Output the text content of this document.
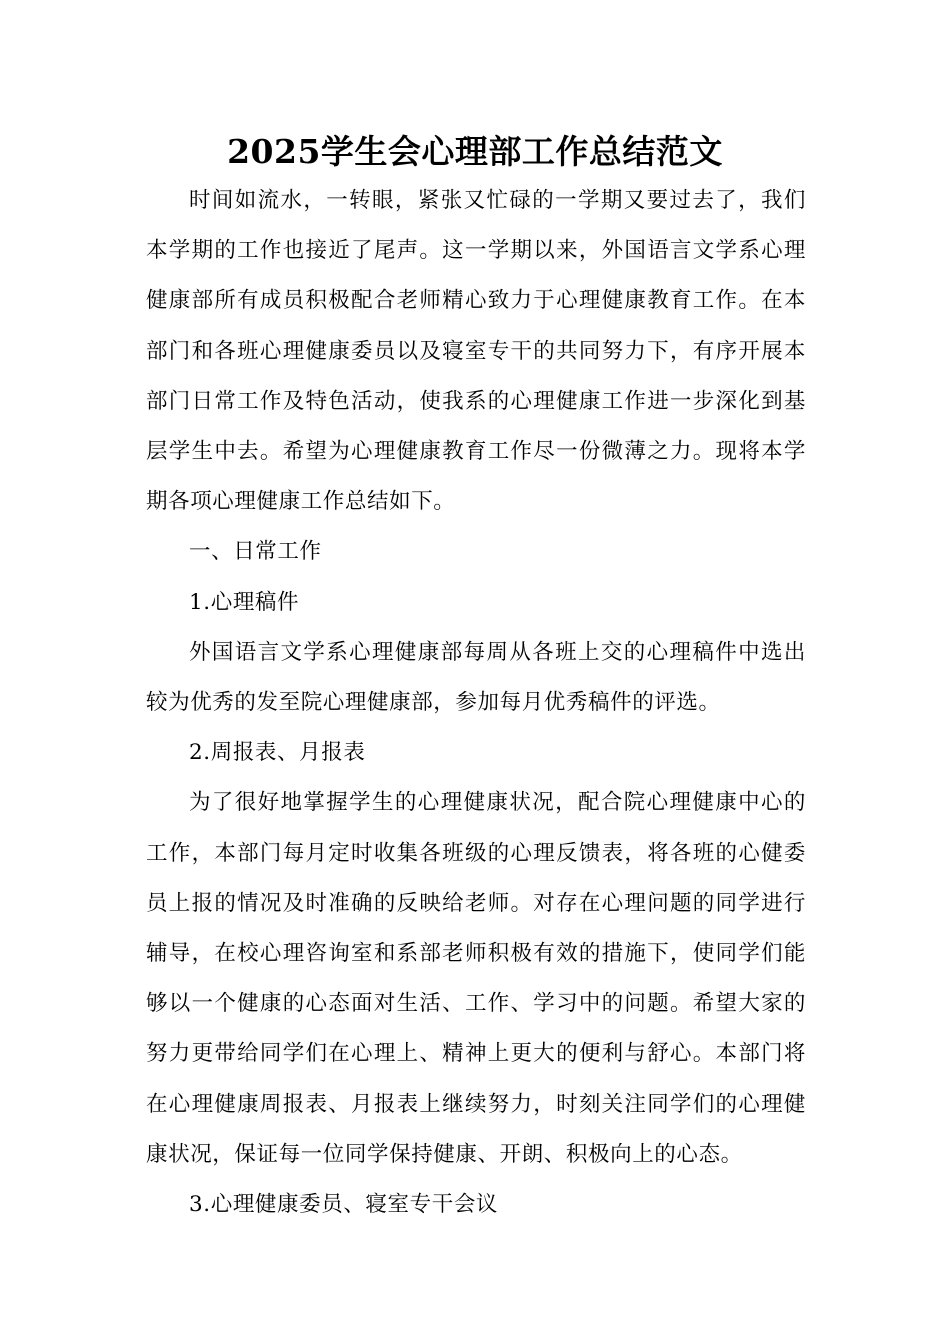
2025学生会心理部工作总结范文

时间如流水，一转眼，紧张又忙碌的一学期又要过去了，我们本学期的工作也接近了尾声。这一学期以来，外国语言文学系心理健康部所有成员积极配合老师精心致力于心理健康教育工作。在本部门和各班心理健康委员以及寝室专干的共同努力下，有序开展本部门日常工作及特色活动，使我系的心理健康工作进一步深化到基层学生中去。希望为心理健康教育工作尽一份微薄之力。现将本学期各项心理健康工作总结如下。

一、日常工作

1.心理稿件

外国语言文学系心理健康部每周从各班上交的心理稿件中选出较为优秀的发至院心理健康部，参加每月优秀稿件的评选。

2.周报表、月报表

为了很好地掌握学生的心理健康状况，配合院心理健康中心的工作，本部门每月定时收集各班级的心理反馈表，将各班的心健委员上报的情况及时准确的反映给老师。对存在心理问题的同学进行辅导，在校心理咨询室和系部老师积极有效的措施下，使同学们能够以一个健康的心态面对生活、工作、学习中的问题。希望大家的努力更带给同学们在心理上、精神上更大的便利与舒心。本部门将在心理健康周报表、月报表上继续努力，时刻关注同学们的心理健康状况，保证每一位同学保持健康、开朗、积极向上的心态。

3.心理健康委员、寝室专干会议
